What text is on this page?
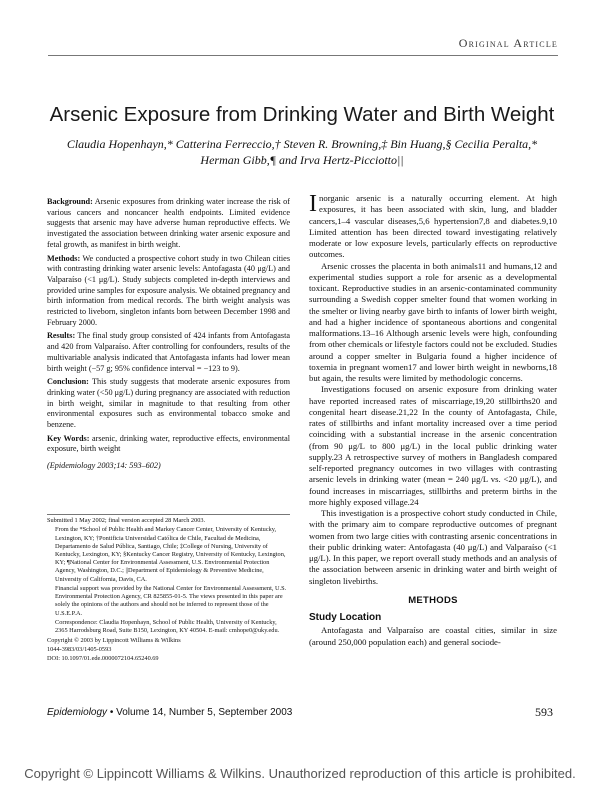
Original Article
Arsenic Exposure from Drinking Water and Birth Weight
Claudia Hopenhayn,* Catterina Ferreccio,† Steven R. Browning,‡ Bin Huang,§ Cecilia Peralta,*
Herman Gibb,¶ and Irva Hertz-Picciotto||

Background: Arsenic exposures from drinking water increase the risk of various cancers and noncancer health endpoints. Limited evidence suggests that arsenic may have adverse human reproductive effects. We investigated the association between drinking water arsenic exposure and fetal growth, as manifest in birth weight.

Methods: We conducted a prospective cohort study in two Chilean cities with contrasting drinking water arsenic levels: Antofagasta (40 μg/L) and Valparaíso (<1 μg/L). Study subjects completed in-depth interviews and provided urine samples for exposure analysis. We obtained pregnancy and birth information from medical records. The birth weight analysis was restricted to liveborn, singleton infants born between December 1998 and February 2000.

Results: The final study group consisted of 424 infants from Antofagasta and 420 from Valparaíso. After controlling for confounders, results of the multivariable analysis indicated that Antofagasta infants had lower mean birth weight (−57 g; 95% confidence interval = −123 to 9).

Conclusion: This study suggests that moderate arsenic exposures from drinking water (<50 μg/L) during pregnancy are associated with reduction in birth weight, similar in magnitude to that resulting from other environmental exposures such as environmental tobacco smoke and benzene.

Key Words: arsenic, drinking water, reproductive effects, environmental exposure, birth weight

(Epidemiology 2003;14: 593–602)

Submitted 1 May 2002; final version accepted 28 March 2003.

From the *School of Public Health and Markey Cancer Center, University of Kentucky, Lexington, KY; †Pontificia Universidad Católica de Chile, Facultad de Medicina, Departamento de Salud Pública, Santiago, Chile; ‡College of Nursing, University of Kentucky, Lexington, KY; §Kentucky Cancer Registry, University of Kentucky, Lexington, KY; ¶National Center for Environmental Assessment, U.S. Environmental Protection Agency, Washington, D.C.; ||Department of Epidemiology & Preventive Medicine, University of California, Davis, CA.

Financial support was provided by the National Center for Environmental Assessment, U.S. Environmental Protection Agency, CR 825855-01-5. The views presented in this paper are solely the opinions of the authors and should not be inferred to represent those of the U.S.E.P.A.

Correspondence: Claudia Hopenhayn, School of Public Health, University of Kentucky, 2365 Harrodsburg Road, Suite B150, Lexington, KY 40504. E-mail: cmhope0@uky.edu.

Copyright © 2003 by Lippincott Williams & Wilkins

1044-3983/03/1405-0593

DOI: 10.1097/01.ede.0000072104.65240.69

Inorganic arsenic is a naturally occurring element. At high exposures, it has been associated with skin, lung, and bladder cancers,1–4 vascular diseases,5,6 hypertension7,8 and diabetes.9,10 Limited attention has been directed toward investigating relatively moderate or low exposure levels, particularly effects on reproductive outcomes.

Arsenic crosses the placenta in both animals11 and humans,12 and experimental studies support a role for arsenic as a developmental toxicant. Reproductive studies in an arsenic-contaminated community surrounding a Swedish copper smelter found that women working in the smelter or living nearby gave birth to infants of lower birth weight, and had a higher incidence of spontaneous abortions and congenital malformations.13–16 Although arsenic levels were high, confounding from other chemicals or lifestyle factors could not be excluded. Studies around a copper smelter in Bulgaria found a higher incidence of toxemia in pregnant women17 and lower birth weight in newborns,18 but again, the results were limited by methodologic concerns.

Investigations focused on arsenic exposure from drinking water have reported increased rates of miscarriage,19,20 stillbirths20 and congenital heart disease.21,22 In the county of Antofagasta, Chile, rates of stillbirths and infant mortality increased over a time period coinciding with a substantial increase in the arsenic concentration (from 90 μg/L to 800 μg/L) in the local public drinking water supply.23 A retrospective survey of mothers in Bangladesh compared self-reported pregnancy outcomes in two villages with contrasting arsenic levels in drinking water (mean = 240 μg/L vs. <20 μg/L), and found increases in miscarriages, stillbirths and preterm births in the more highly exposed village.24

This investigation is a prospective cohort study conducted in Chile, with the primary aim to compare reproductive outcomes of pregnant women from two large cities with contrasting arsenic concentrations in their public drinking water: Antofagasta (40 μg/L) and Valparaíso (<1 μg/L). In this paper, we report overall study methods and an analysis of the association between arsenic in drinking water and birth weight of singleton livebirths.

METHODS

Study Location

Antofagasta and Valparaíso are coastal cities, similar in size (around 250,000 population each) and general sociode-

Epidemiology • Volume 14, Number 5, September 2003	593
Copyright © Lippincott Williams & Wilkins. Unauthorized reproduction of this article is prohibited.
